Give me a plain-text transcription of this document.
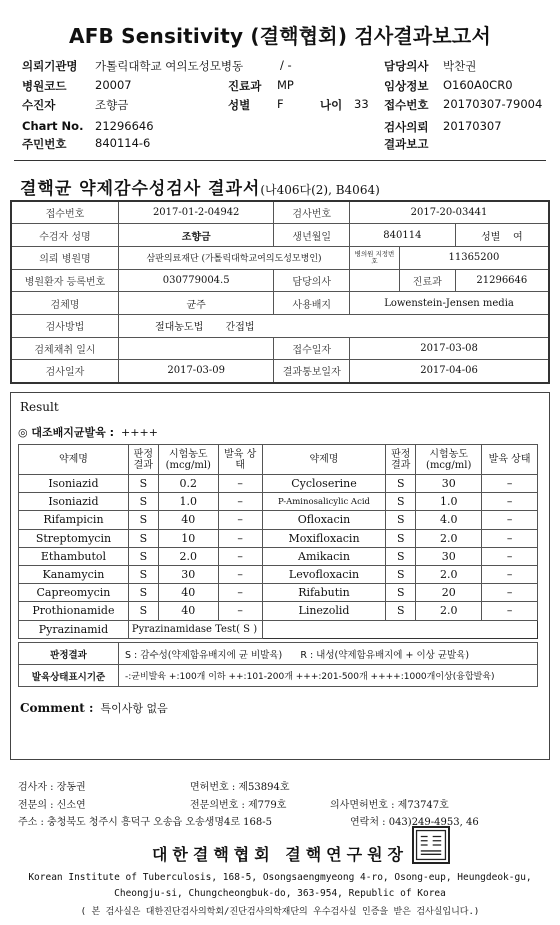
AFB Sensitivity (결핵협회) 검사결과보고서
의뢰기관명 가톨릭대학교 여의도성모병동	/ -	담당의사 박찬권
병원코드 20007	진료과 MP	임상정보 O160A0CR0
수진자	조향금	성별 F	나이 33 접수번호 20170307-79004
Chart No. 21296646	검사의뢰 20170307
주민번호 840114-6	결과보고
결핵균 약제감수성검사 결과서(나406다(2), B4064)
접수번호	2017-01-2-04942	검사번호	2017-20-03441		
수검자 성명	조향금	생년월일	840114		성별 여
의뢰 병원명	삼판의료재단 (가톨릭대학교여의도성모병인)		병의원 지정번호	11365200	
병원환자 등록번호	030779004.5	담당의사		진료과	21296646
검체명	균주	사용배지	Lowenstein-Jensen media		
검사방법	절대농도법 간접법				
검체채취 일시		접수일자	2017-03-08		
검사일자	2017-03-09	결과통보일자	2017-04-06		
Result
◎ 대조배지균발육 : ++++
약제명	판정 결과	시험농도 (mcg/ml)	발육 상태	약제명	판정 결과	시험농도 (mcg/ml)	발육 상태
Isoniazid	S	0.2	–	Cycloserine	S	30	–
Isoniazid	S	1.0	–	P-Aminosalicylic Acid	S	1.0	–
Rifampicin	S	40	–	Ofloxacin	S	4.0	–
Streptomycin	S	10	–	Moxifloxacin	S	2.0	–
Ethambutol	S	2.0	–	Amikacin	S	30	–
Kanamycin	S	30	–	Levofloxacin	S	2.0	–
Capreomycin	S	40	–	Rifabutin	S	20	–
Prothionamide	S	40	–	Linezolid	S	2.0	–
Pyrazinamid	Pyrazinamidase Test( S )						
판정결과	S : 감수성(약제함유배지에 균 비발육) R : 내성(약제함유배지에 + 이상 균발육)
발육상태표시기준	-:균비발육 +:100개 이하 ++:101-200개 +++:201-500개 ++++:1000개이상(융합발육)
Comment : 특이사항 없음
검사자 : 장동권	면허번호 : 제53894호
전문의 : 신소연	전문의번호 : 제779호	의사면허번호 : 제73747호
주소 : 충청북도 청주시 흥덕구 오송읍 오송생명4로 168-5	연락처 : 043)249-4953, 46
대한결핵협회 결핵연구원장
Korean Institute of Tuberculosis, 168-5, Osongsaengmyeong 4-ro, Osong-eup, Heungdeok-gu,
Cheongju-si, Chungcheongbuk-do, 363-954, Republic of Korea
( 본 검사실은 대한진단검사의학회/진단검사의학재단의 우수검사실 인증을 받은 검사실입니다.)
